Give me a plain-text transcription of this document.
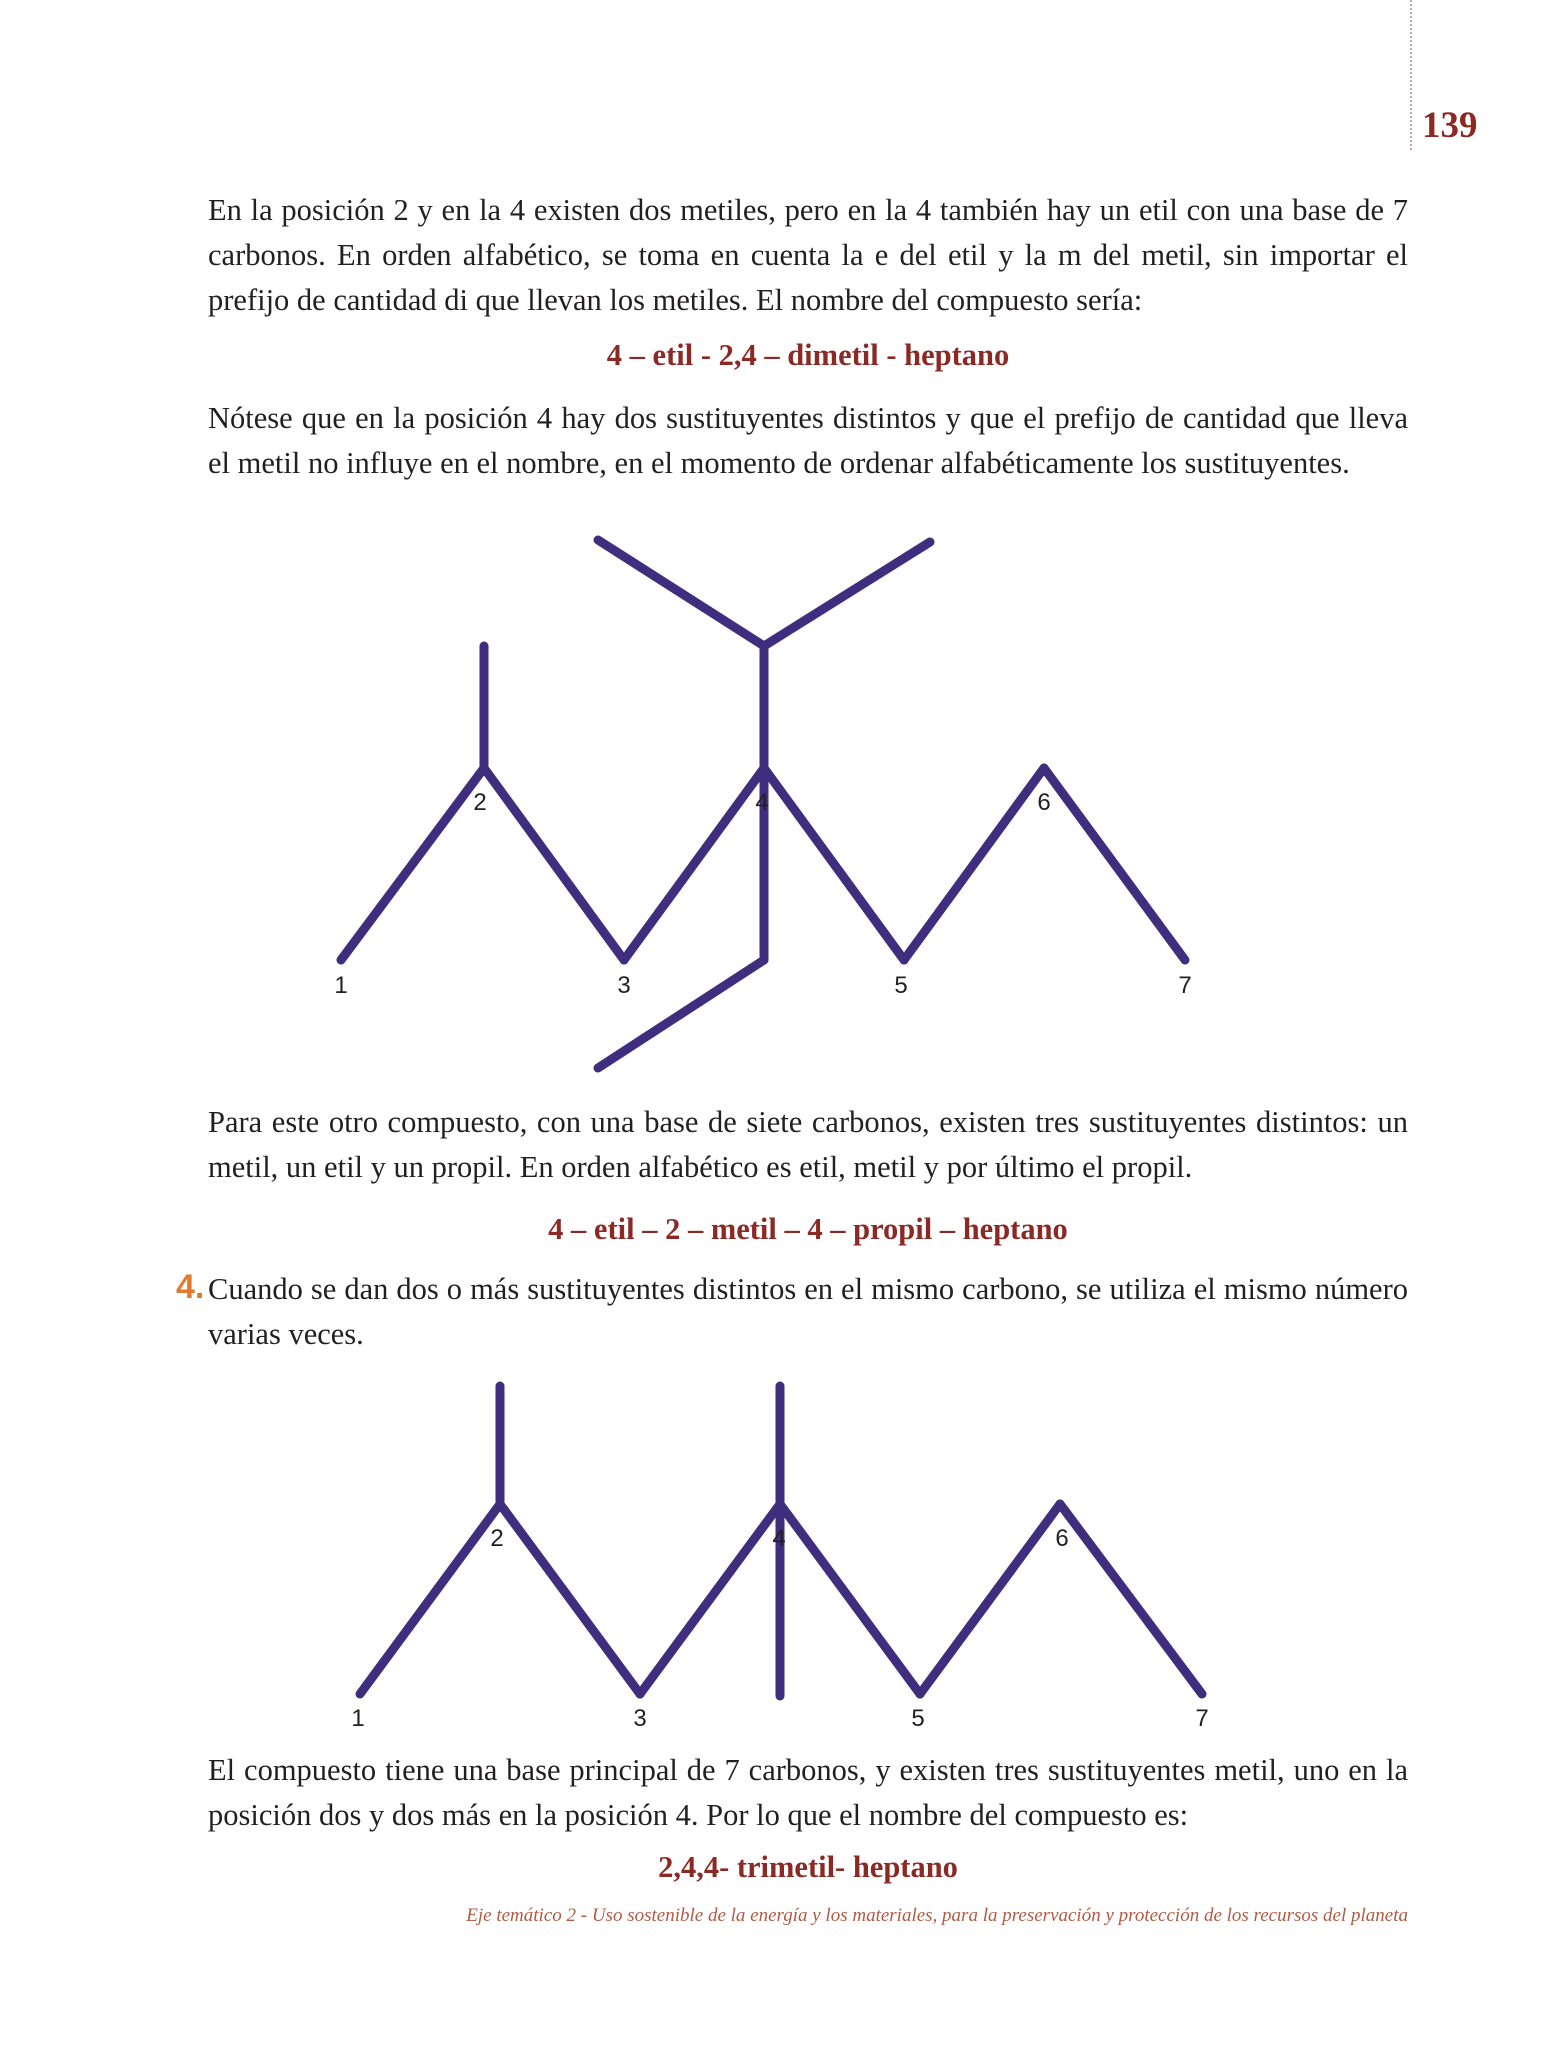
139

En la posición 2 y en la 4 existen dos metiles, pero en la 4 también hay un etil con una base de 7 carbonos. En orden alfabético, se toma en cuenta la e del etil y la m del metil, sin importar el prefijo de cantidad di que llevan los metiles. El nombre del compuesto sería:

4 – etil - 2,4 – dimetil - heptano

Nótese que en la posición 4 hay dos sustituyentes distintos y que el prefijo de cantidad que lleva el metil no influye en el nombre, en el momento de ordenar alfabéticamente los sustituyentes.

1
2
3
4
5
6
7

Para este otro compuesto, con una base de siete carbonos, existen tres sustituyentes distintos: un metil, un etil y un propil. En orden alfabético es etil, metil y por último el propil.

4 – etil – 2 – metil – 4 – propil – heptano

4. Cuando se dan dos o más sustituyentes distintos en el mismo carbono, se utiliza el mismo número varias veces.

1
2
3
4
5
6
7

El compuesto tiene una base principal de 7 carbonos, y existen tres sustituyentes metil, uno en la posición dos y dos más en la posición 4. Por lo que el nombre del compuesto es:

2,4,4- trimetil- heptano

Eje temático 2 - Uso sostenible de la energía y los materiales, para la preservación y protección de los recursos del planeta
